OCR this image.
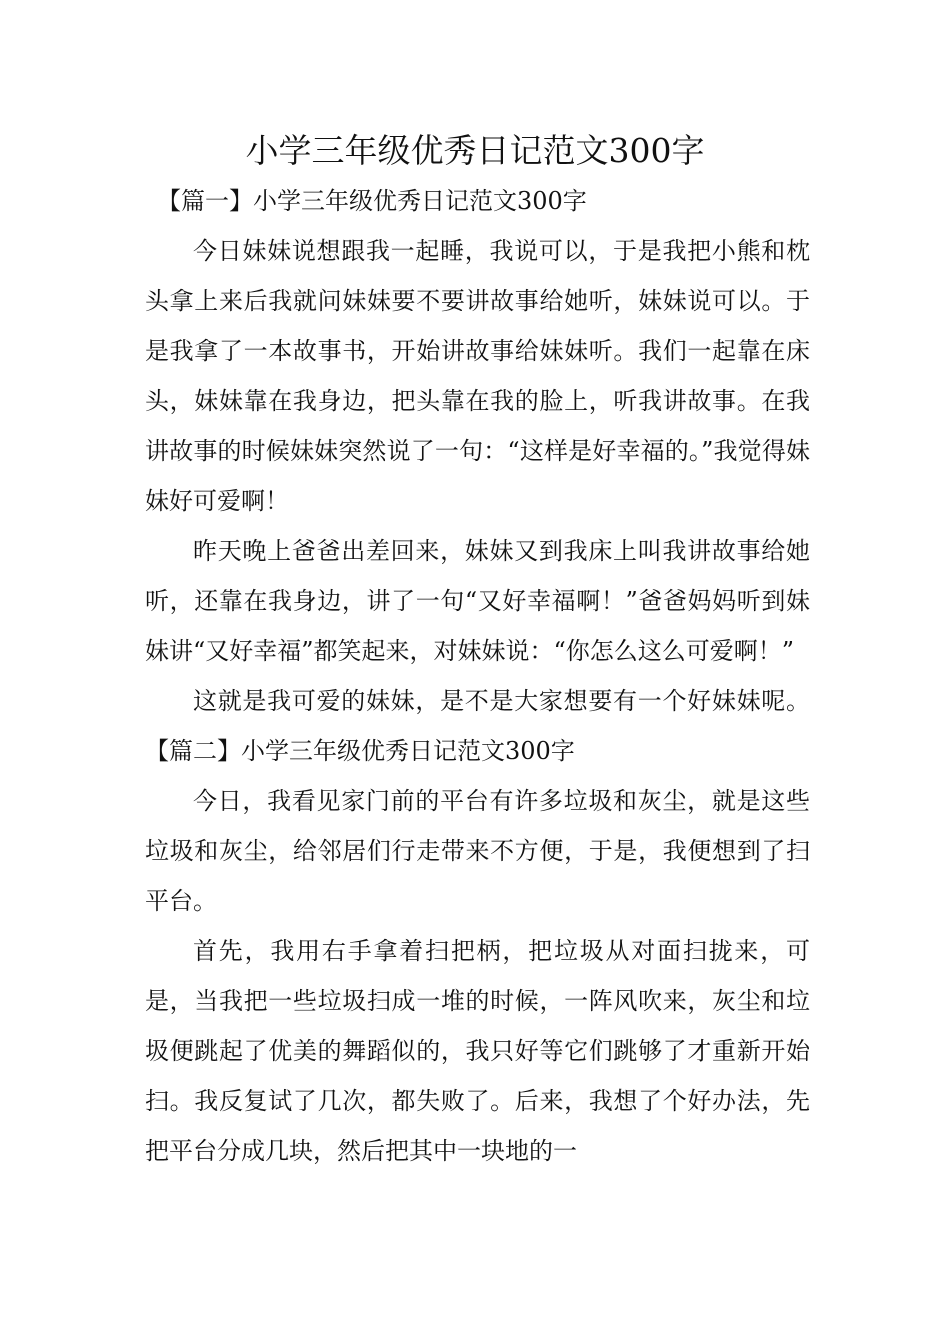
小学三年级优秀日记范文300字

【篇一】小学三年级优秀日记范文300字

今日妹妹说想跟我一起睡，我说可以，于是我把小熊和枕头拿上来后我就问妹妹要不要讲故事给她听，妹妹说可以。于是我拿了一本故事书，开始讲故事给妹妹听。我们一起靠在床头，妹妹靠在我身边，把头靠在我的脸上，听我讲故事。在我讲故事的时候妹妹突然说了一句：“这样是好幸福的。”我觉得妹妹好可爱啊！

昨天晚上爸爸出差回来，妹妹又到我床上叫我讲故事给她听，还靠在我身边，讲了一句“又好幸福啊！”爸爸妈妈听到妹妹讲“又好幸福”都笑起来，对妹妹说：“你怎么这么可爱啊！”

这就是我可爱的妹妹，是不是大家想要有一个好妹妹呢。【篇二】小学三年级优秀日记范文300字

今日，我看见家门前的平台有许多垃圾和灰尘，就是这些垃圾和灰尘，给邻居们行走带来不方便，于是，我便想到了扫平台。

首先，我用右手拿着扫把柄，把垃圾从对面扫拢来，可是，当我把一些垃圾扫成一堆的时候，一阵风吹来，灰尘和垃圾便跳起了优美的舞蹈似的，我只好等它们跳够了才重新开始扫。我反复试了几次，都失败了。后来，我想了个好办法，先把平台分成几块，然后把其中一块地的一
